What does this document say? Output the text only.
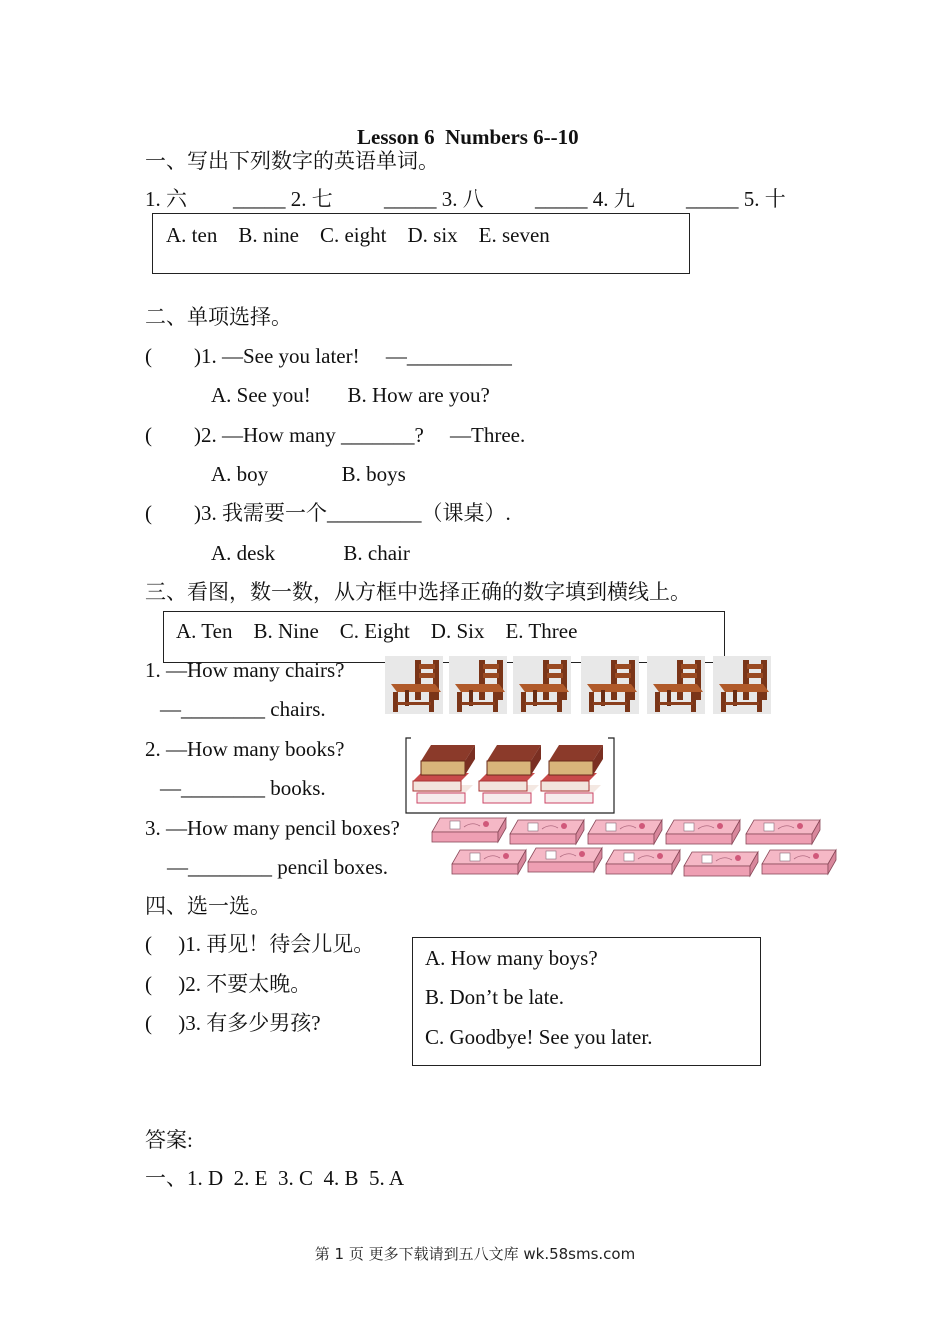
Lesson 6  Numbers 6--10
一、写出下列数字的英语单词。
1. 六 _____ 2. 七 _____ 3. 八 _____ 4. 九 _____ 5. 十
A. ten    B. nine    C. eight    D. six    E. seven
二、单项选择。
(        )1. —See you later!     —__________
A. See you!       B. How are you?
(        )2. —How many _______?     —Three.
A. boy              B. boys
(        )3. 我需要一个_________（课桌）.
A. desk             B. chair
三、看图，数一数，从方框中选择正确的数字填到横线上。
A. Ten    B. Nine    C. Eight    D. Six    E. Three
1. —How many chairs?
—________ chairs.
2. —How many books?
—________ books.
3. —How many pencil boxes?
—________ pencil boxes.
四、选一选。
(     )1. 再见！待会儿见。
(     )2. 不要太晚。
(     )3. 有多少男孩?
A. How many boys?
B. Don’t be late.
C. Goodbye! See you later.
答案:
一、1. D  2. E  3. C  4. B  5. A
第 1 页 更多下载请到五八文库 wk.58sms.com
